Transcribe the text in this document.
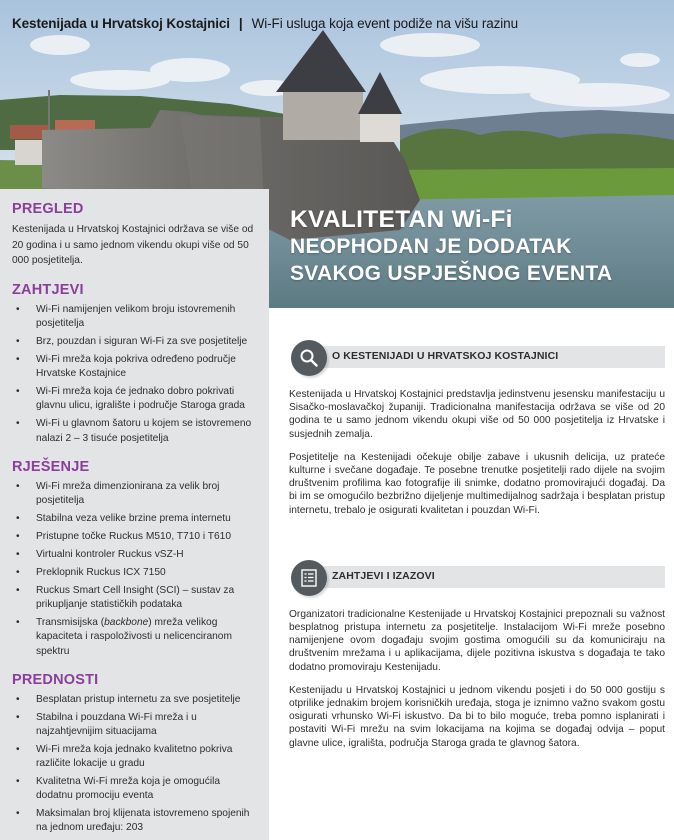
Kestenijada u Hrvatskoj Kostajnici | Wi-Fi usluga koja event podiže na višu razinu
KVALITETAN Wi-Fi
NEOPHODAN JE DODATAK
SVAKOG USPJEŠNOG EVENTA
PREGLED

Kestenijada u Hrvatskoj Kostajnici održava se više od 20 godina i u samo jednom vikendu okupi više od 50 000 posjetitelja.

ZAHTJEVI
• Wi-Fi namijenjen velikom broju istovremenih posjetitelja
• Brz, pouzdan i siguran Wi-Fi za sve posjetitelje
• Wi-Fi mreža koja pokriva određeno područje Hrvatske Kostajnice
• Wi-Fi mreža koja će jednako dobro pokrivati glavnu ulicu, igralište i područje Staroga grada
• Wi-Fi u glavnom šatoru u kojem se istovremeno nalazi 2 – 3 tisuće posjetitelja
RJEŠENJE
• Wi-Fi mreža dimenzionirana za velik broj posjetitelja
• Stabilna veza velike brzine prema internetu
• Pristupne točke Ruckus M510, T710 i T610
• Virtualni kontroler Ruckus vSZ-H
• Preklopnik Ruckus ICX 7150
• Ruckus Smart Cell Insight (SCI) – sustav za prikupljanje statističkih podataka
• Transmisijska (backbone) mreža velikog kapaciteta i raspoloživosti u nelicenciranom spektru
PREDNOSTI
• Besplatan pristup internetu za sve posjetitelje
• Stabilna i pouzdana Wi-Fi mreža i u najzahtjevnijim situacijama
• Wi-Fi mreža koja jednako kvalitetno pokriva različite lokacije u gradu
• Kvalitetna Wi-Fi mreža koja je omogućila dodatnu promociju eventa
• Maksimalan broj klijenata istovremeno spojenih na jednom uređaju: 203
O KESTENIJADI U HRVATSKOJ KOSTAJNICI

Kestenijada u Hrvatskoj Kostajnici predstavlja jedinstvenu jesensku manifestaciju u Sisačko-moslavačkoj županiji. Tradicionalna manifestacija održava se više od 20 godina te u samo jednom vikendu okupi više od 50 000 posjetitelja iz Hrvatske i susjednih zemalja.

Posjetitelje na Kestenijadi očekuje obilje zabave i ukusnih delicija, uz prateće kulturne i svečane događaje. Te posebne trenutke posjetitelji rado dijele na svojim društvenim profilima kao fotografije ili snimke, dodatno promovirajući događaj. Da bi im se omogućilo bezbrižno dijeljenje multimedijalnog sadržaja i besplatan pristup internetu, trebalo je osigurati kvalitetan i pouzdan Wi-Fi.

ZAHTJEVI I IZAZOVI

Organizatori tradicionalne Kestenijade u Hrvatskoj Kostajnici prepoznali su važnost besplatnog pristupa internetu za posjetitelje. Instalacijom Wi-Fi mreže posebno namijenjene ovom događaju svojim gostima omogućili su da komuniciraju na društvenim mrežama i u aplikacijama, dijele pozitivna iskustva s događaja te tako dodatno promoviraju Kestenijadu.

Kestenijadu u Hrvatskoj Kostajnici u jednom vikendu posjeti i do 50 000 gostiju s otprilike jednakim brojem korisničkih uređaja, stoga je iznimno važno svakom gostu osigurati vrhunsko Wi-Fi iskustvo. Da bi to bilo moguće, treba pomno isplanirati i postaviti Wi-Fi mrežu na svim lokacijama na kojima se događaj odvija – poput glavne ulice, igrališta, područja Staroga grada te glavnog šatora.
